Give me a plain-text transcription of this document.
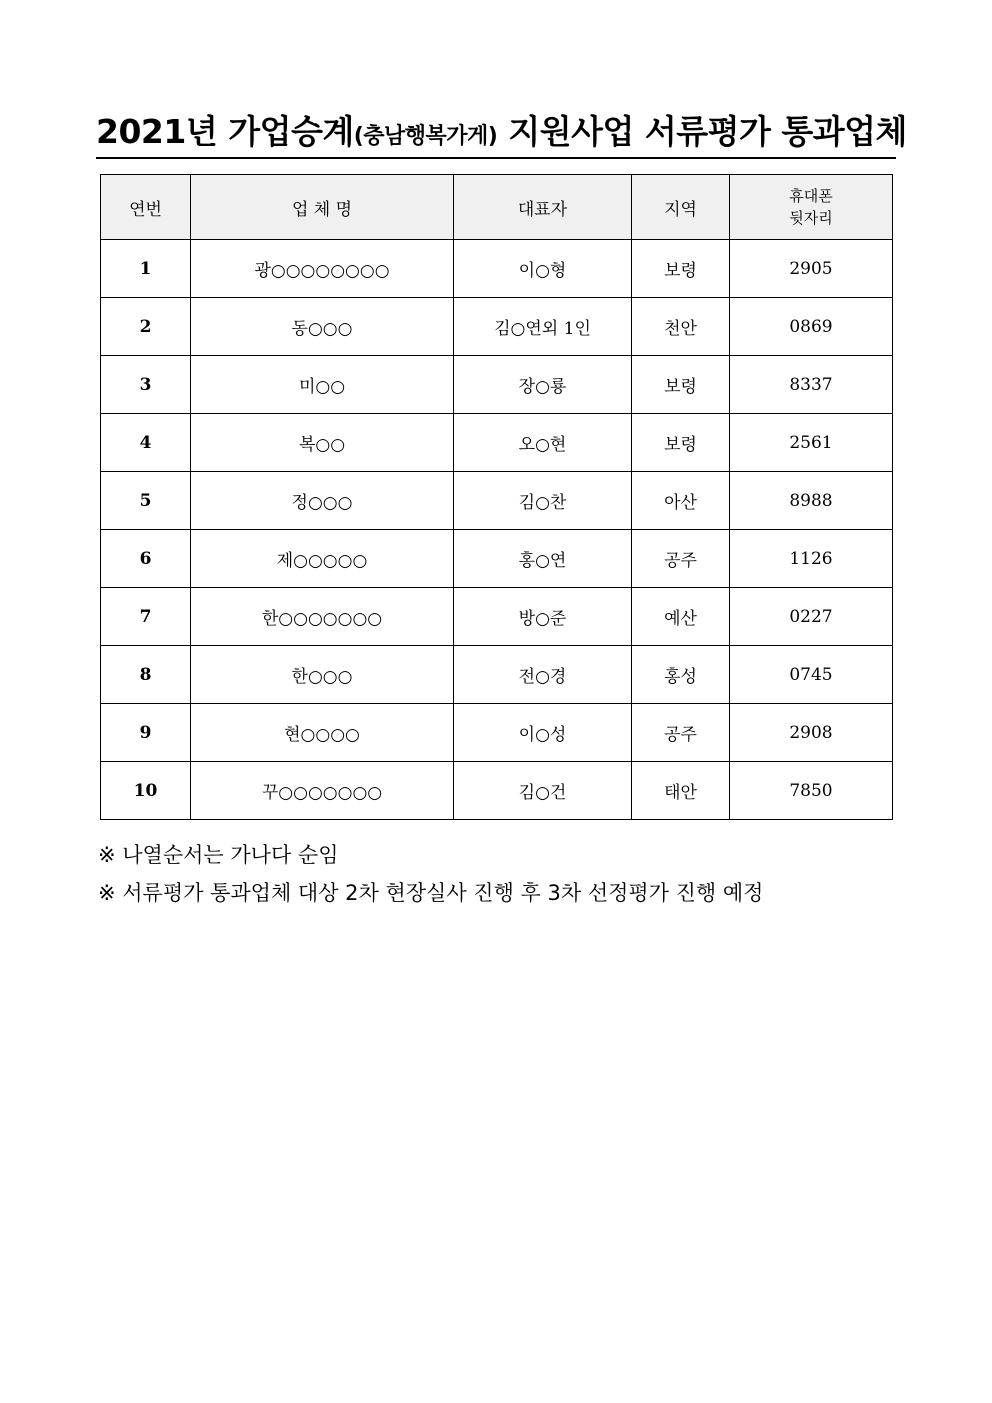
2021년 가업승계(충남행복가게) 지원사업 서류평가 통과업체
연번	업 체 명	대표자	지역	휴대폰
뒷자리
1	광○○○○○○○○	이○형	보령	2905
2	동○○○	김○연외 1인	천안	0869
3	미○○	장○룡	보령	8337
4	복○○	오○현	보령	2561
5	정○○○	김○찬	아산	8988
6	제○○○○○	홍○연	공주	1126
7	한○○○○○○○	방○준	예산	0227
8	한○○○	전○경	홍성	0745
9	현○○○○	이○성	공주	2908
10	꾸○○○○○○○	김○건	태안	7850
※ 나열순서는 가나다 순임
※ 서류평가 통과업체 대상 2차 현장실사 진행 후 3차 선정평가 진행 예정
